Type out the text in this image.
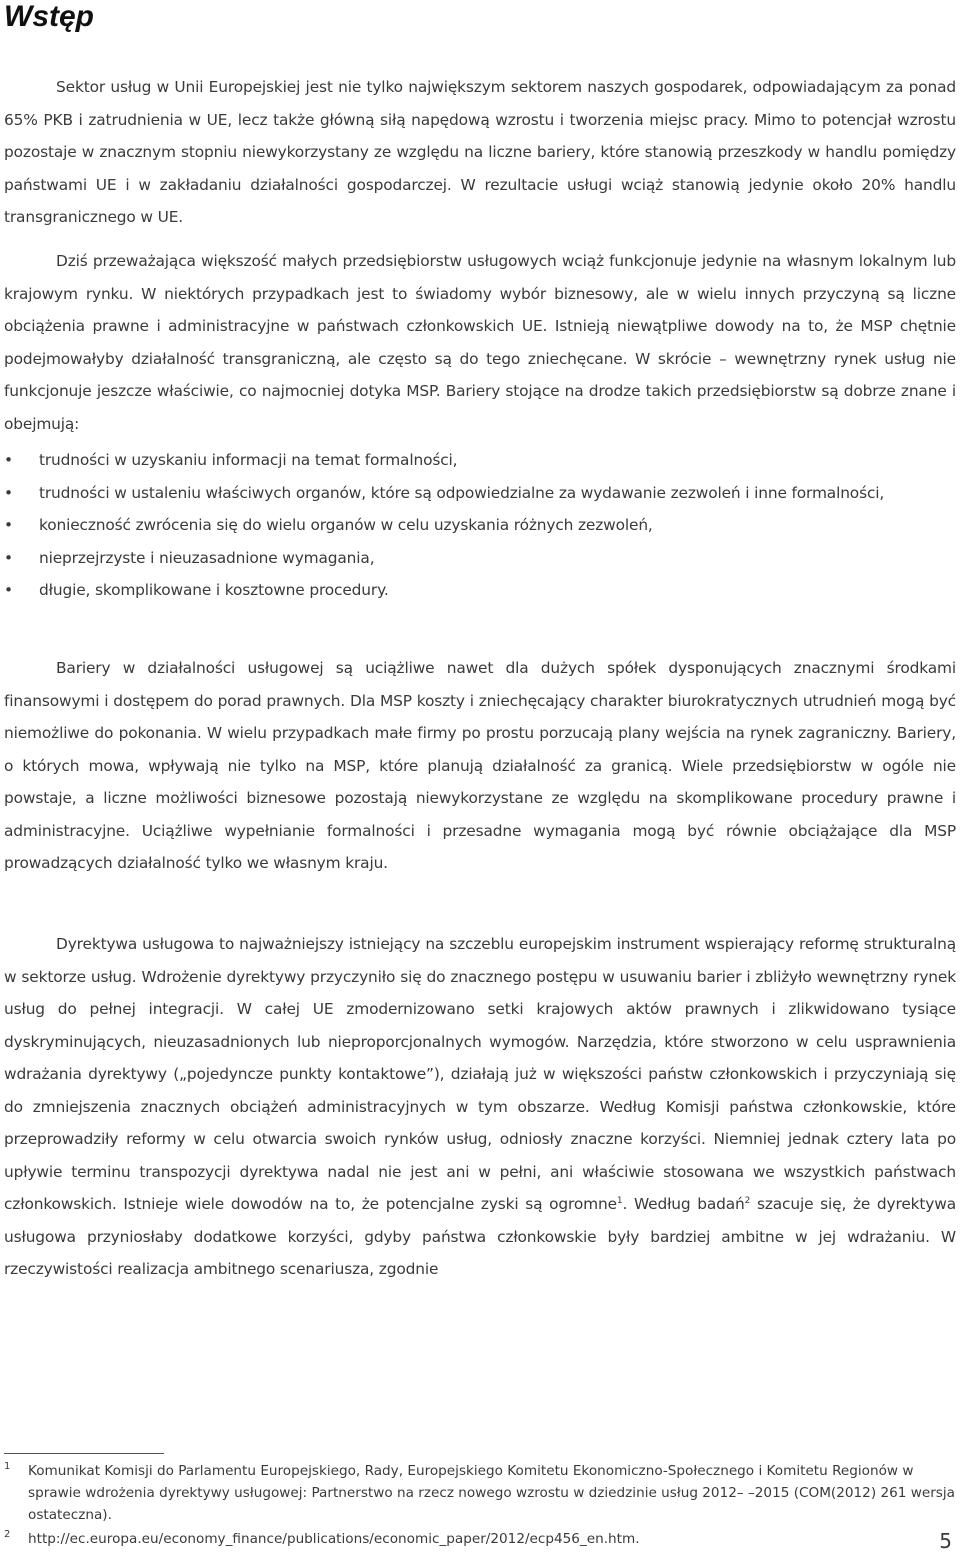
Wstęp

Sektor usług w Unii Europejskiej jest nie tylko największym sektorem naszych gospodarek, odpowiadającym za ponad 65% PKB i zatrudnienia w UE, lecz także główną siłą napędową wzrostu i tworzenia miejsc pracy. Mimo to potencjał wzrostu pozostaje w znacznym stopniu niewykorzystany ze względu na liczne bariery, które stanowią przeszkody w handlu pomiędzy państwami UE i w zakładaniu działalności gospodarczej. W rezultacie usługi wciąż stanowią jedynie około 20% handlu transgranicznego w UE.

Dziś przeważająca większość małych przedsiębiorstw usługowych wciąż funkcjonuje jedynie na własnym lokalnym lub krajowym rynku. W niektórych przypadkach jest to świadomy wybór biznesowy, ale w wielu innych przyczyną są liczne obciążenia prawne i administracyjne w państwach członkowskich UE. Istnieją niewątpliwe dowody na to, że MSP chętnie podejmowałyby działalność transgraniczną, ale często są do tego zniechęcane. W skrócie – wewnętrzny rynek usług nie funkcjonuje jeszcze właściwie, co najmocniej dotyka MSP. Bariery stojące na drodze takich przedsiębiorstw są dobrze znane i obejmują:

• trudności w uzyskaniu informacji na temat formalności,
• trudności w ustaleniu właściwych organów, które są odpowiedzialne za wydawanie zezwoleń i inne formalności,
• konieczność zwrócenia się do wielu organów w celu uzyskania różnych zezwoleń,
• nieprzejrzyste i nieuzasadnione wymagania,
• długie, skomplikowane i kosztowne procedury.

Bariery w działalności usługowej są uciążliwe nawet dla dużych spółek dysponujących znacznymi środkami finansowymi i dostępem do porad prawnych. Dla MSP koszty i zniechęcający charakter biurokratycznych utrudnień mogą być niemożliwe do pokonania. W wielu przypadkach małe firmy po prostu porzucają plany wejścia na rynek zagraniczny. Bariery, o których mowa, wpływają nie tylko na MSP, które planują działalność za granicą. Wiele przedsiębiorstw w ogóle nie powstaje, a liczne możliwości biznesowe pozostają niewykorzystane ze względu na skomplikowane procedury prawne i administracyjne. Uciążliwe wypełnianie formalności i przesadne wymagania mogą być równie obciążające dla MSP prowadzących działalność tylko we własnym kraju.

Dyrektywa usługowa to najważniejszy istniejący na szczeblu europejskim instrument wspierający reformę strukturalną w sektorze usług. Wdrożenie dyrektywy przyczyniło się do znacznego postępu w usuwaniu barier i zbliżyło wewnętrzny rynek usług do pełnej integracji. W całej UE zmodernizowano setki krajowych aktów prawnych i zlikwidowano tysiące dyskryminujących, nieuzasadnionych lub nieproporcjonalnych wymogów. Narzędzia, które stworzono w celu usprawnienia wdrażania dyrektywy („pojedyncze punkty kontaktowe”), działają już w większości państw członkowskich i przyczyniają się do zmniejszenia znacznych obciążeń administracyjnych w tym obszarze. Według Komisji państwa członkowskie, które przeprowadziły reformy w celu otwarcia swoich rynków usług, odniosły znaczne korzyści. Niemniej jednak cztery lata po upływie terminu transpozycji dyrektywa nadal nie jest ani w pełni, ani właściwie stosowana we wszystkich państwach członkowskich. Istnieje wiele dowodów na to, że potencjalne zyski są ogromne$^1$. Według badań$^2$ szacuje się, że dyrektywa usługowa przyniosłaby dodatkowe korzyści, gdyby państwa członkowskie były bardziej ambitne w jej wdrażaniu. W rzeczywistości realizacja ambitnego scenariusza, zgodnie

1 Komunikat Komisji do Parlamentu Europejskiego, Rady, Europejskiego Komitetu Ekonomiczno-Społecznego i Komitetu Regionów w sprawie wdrożenia dyrektywy usługowej: Partnerstwo na rzecz nowego wzrostu w dziedzinie usług 2012– –2015 (COM(2012) 261 wersja ostateczna).

2 http://ec.europa.eu/economy_finance/publications/economic_paper/2012/ecp456_en.htm.	5
